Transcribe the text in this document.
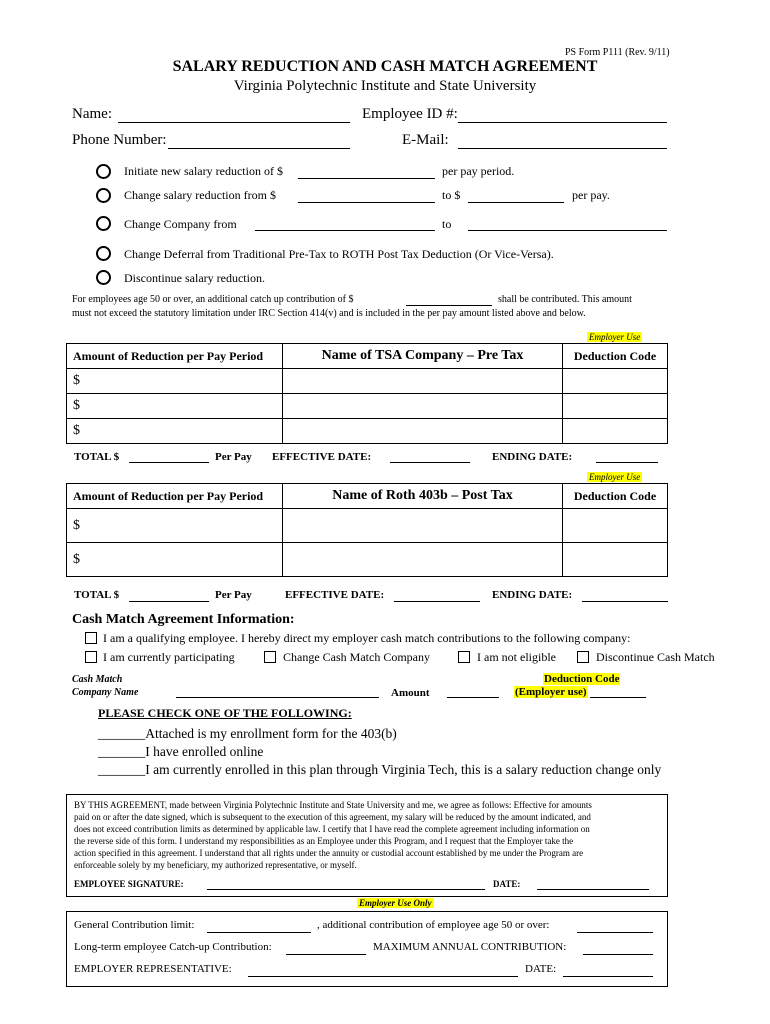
PS Form P111 (Rev. 9/11)
SALARY REDUCTION AND CASH MATCH AGREEMENT
Virginia Polytechnic Institute and State University
Name:	Employee ID #:
Phone Number:	E-Mail:
Initiate new salary reduction of $	per pay period.
Change salary reduction from $	to $	per pay.
Change Company from	to
Change Deferral from Traditional Pre-Tax to ROTH Post Tax Deduction (Or Vice-Versa).
Discontinue salary reduction.
For employees age 50 or over, an additional catch up contribution of $	shall be contributed. This amount
must not exceed the statutory limitation under IRC Section 414(v) and is included in the per pay amount listed above and below.
Employer Use
Amount of Reduction per Pay Period	Name of TSA Company – Pre Tax	Deduction Code
$		
$		
$		
TOTAL $	Per Pay EFFECTIVE DATE:	ENDING DATE:
Employer Use
Amount of Reduction per Pay Period	Name of Roth 403b – Post Tax	Deduction Code
$		
$		
TOTAL $	Per Pay	EFFECTIVE DATE:	ENDING DATE:
Cash Match Agreement Information:
I am a qualifying employee. I hereby direct my employer cash match contributions to the following company:
I am currently participating	Change Cash Match Company	I am not eligible	Discontinue Cash Match
Cash Match
Company Name	Amount
Deduction Code
(Employer use)
PLEASE CHECK ONE OF THE FOLLOWING:
_______Attached is my enrollment form for the 403(b)
_______I have enrolled online
_______I am currently enrolled in this plan through Virginia Tech, this is a salary reduction change only
BY THIS AGREEMENT, made between Virginia Polytechnic Institute and State University and me, we agree as follows: Effective for amounts
paid on or after the date signed, which is subsequent to the execution of this agreement, my salary will be reduced by the amount indicated, and
does not exceed contribution limits as determined by applicable law. I certify that I have read the complete agreement including information on
the reverse side of this form. I understand my responsibilities as an Employee under this Program, and I request that the Employer take the
action specified in this agreement. I understand that all rights under the annuity or custodial account established by me under the Program are
enforceable solely by my beneficiary, my authorized representative, or myself.
EMPLOYEE SIGNATURE:	DATE:
Employer Use Only
General Contribution limit:	, additional contribution of employee age 50 or over:
Long-term employee Catch-up Contribution:	MAXIMUM ANNUAL CONTRIBUTION:
EMPLOYER REPRESENTATIVE:	DATE:
